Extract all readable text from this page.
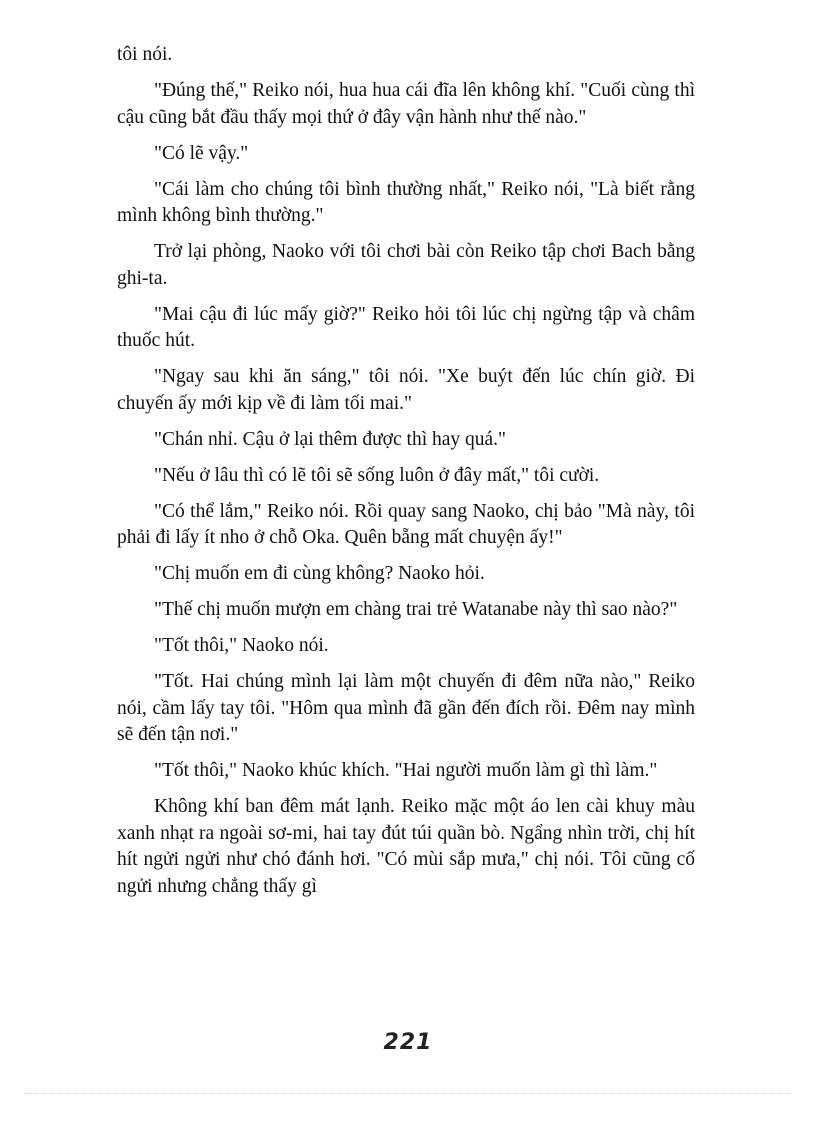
tôi nói.

"Đúng thế," Reiko nói, hua hua cái đĩa lên không khí. "Cuối cùng thì cậu cũng bắt đầu thấy mọi thứ ở đây vận hành như thế nào."

"Có lẽ vậy."

"Cái làm cho chúng tôi bình thường nhất," Reiko nói, "Là biết rằng mình không bình thường."

Trở lại phòng, Naoko với tôi chơi bài còn Reiko tập chơi Bach bằng ghi-ta.

"Mai cậu đi lúc mấy giờ?" Reiko hỏi tôi lúc chị ngừng tập và châm thuốc hút.

"Ngay sau khi ăn sáng," tôi nói. "Xe buýt đến lúc chín giờ. Đi chuyến ấy mới kịp về đi làm tối mai."

"Chán nhỉ. Cậu ở lại thêm được thì hay quá."

"Nếu ở lâu thì có lẽ tôi sẽ sống luôn ở đây mất," tôi cười.

"Có thể lắm," Reiko nói. Rồi quay sang Naoko, chị bảo "Mà này, tôi phải đi lấy ít nho ở chỗ Oka. Quên bẵng mất chuyện ấy!"

"Chị muốn em đi cùng không? Naoko hỏi.

"Thế chị muốn mượn em chàng trai trẻ Watanabe này thì sao nào?"

"Tốt thôi," Naoko nói.

"Tốt. Hai chúng mình lại làm một chuyến đi đêm nữa nào," Reiko nói, cầm lấy tay tôi. "Hôm qua mình đã gần đến đích rồi. Đêm nay mình sẽ đến tận nơi."

"Tốt thôi," Naoko khúc khích. "Hai người muốn làm gì thì làm."

Không khí ban đêm mát lạnh. Reiko mặc một áo len cài khuy màu xanh nhạt ra ngoài sơ-mi, hai tay đút túi quần bò. Ngẩng nhìn trời, chị hít hít ngửi ngửi như chó đánh hơi. "Có mùi sắp mưa," chị nói. Tôi cũng cố ngửi nhưng chẳng thấy gì

221
